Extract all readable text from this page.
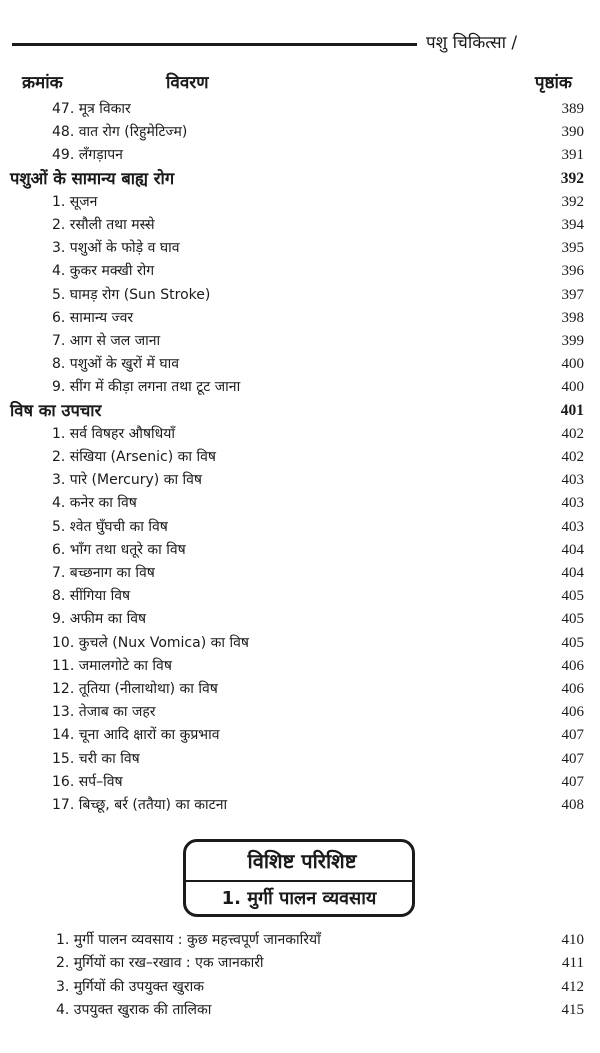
पशु चिकित्सा /
क्रमांक	विवरण	पृष्ठांक
47. मूत्र विकार	389
48. वात रोग (रिहुमेटिज्म)	390
49. लँगड़ापन	391
पशुओं के सामान्य बाह्य रोग	392
1. सूजन	392
2. रसौली तथा मस्से	394
3. पशुओं के फोड़े व घाव	395
4. कुकर मक्खी रोग	396
5. घामड़ रोग (Sun Stroke)	397
6. सामान्य ज्वर	398
7. आग से जल जाना	399
8. पशुओं के खुरों में घाव	400
9. सींग में कीड़ा लगना तथा टूट जाना	400
विष का उपचार	401
1. सर्व विषहर औषधियाँ	402
2. संखिया (Arsenic) का विष	402
3. पारे (Mercury) का विष	403
4. कनेर का विष	403
5. श्वेत घुँघची का विष	403
6. भाँग तथा धतूरे का विष	404
7. बच्छनाग का विष	404
8. सींगिया विष	405
9. अफीम का विष	405
10. कुचले (Nux Vomica) का विष	405
11. जमालगोटे का विष	406
12. तूतिया (नीलाथोथा) का विष	406
13. तेजाब का जहर	406
14. चूना आदि क्षारों का कुप्रभाव	407
15. चरी का विष	407
16. सर्प–विष	407
17. बिच्छू, बर्र (ततैया) का काटना	408
विशिष्ट परिशिष्ट
1. मुर्गी पालन व्यवसाय
1. मुर्गी पालन व्यवसाय : कुछ महत्त्वपूर्ण जानकारियाँ	410
2. मुर्गियों का रख–रखाव : एक जानकारी	411
3. मुर्गियों की उपयुक्त खुराक	412
4. उपयुक्त खुराक की तालिका	415
